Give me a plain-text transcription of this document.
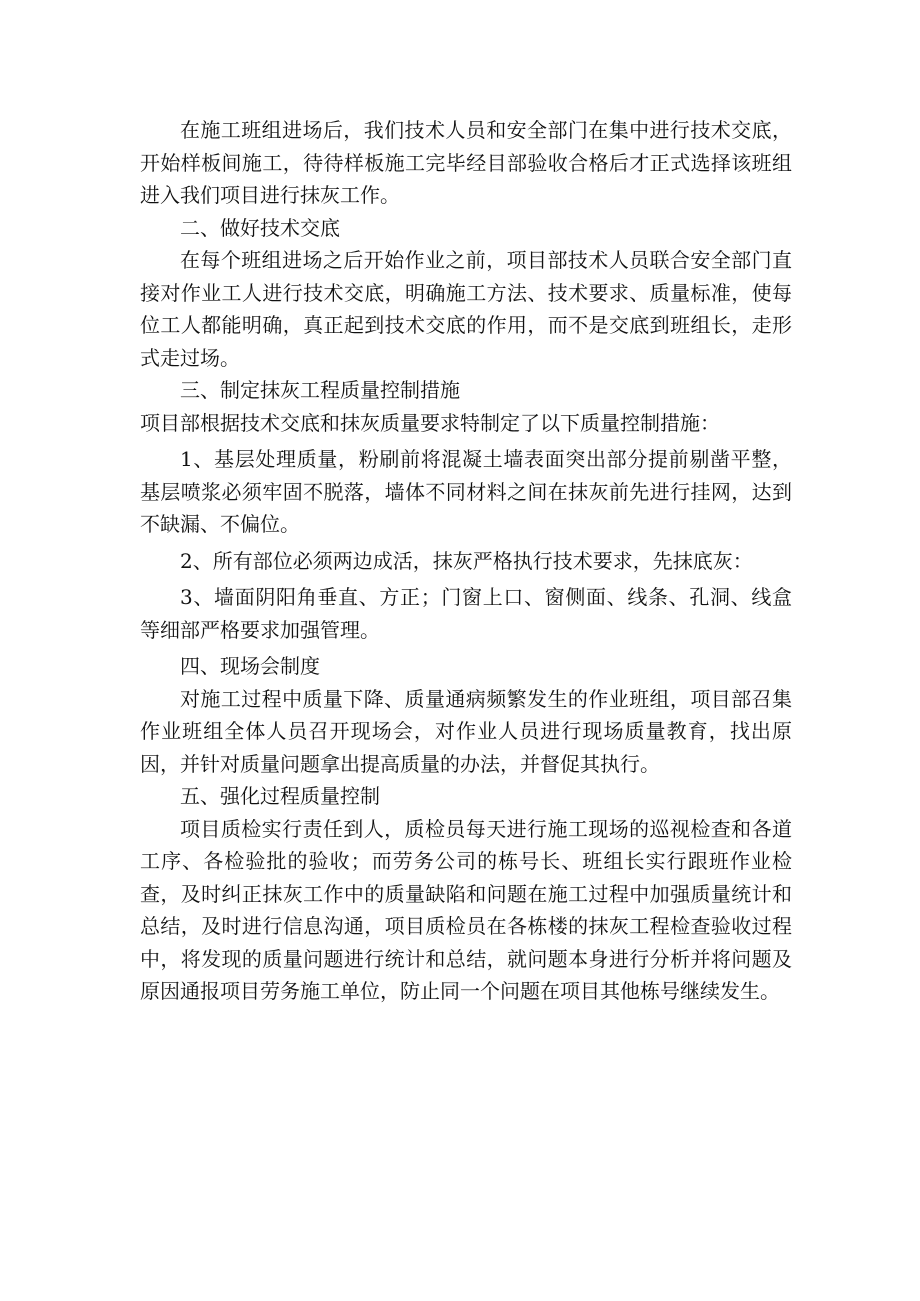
在施工班组进场后，我们技术人员和安全部门在集中进行技术交底，开始样板间施工，待待样板施工完毕经目部验收合格后才正式选择该班组进入我们项目进行抹灰工作。

二、做好技术交底

在每个班组进场之后开始作业之前，项目部技术人员联合安全部门直接对作业工人进行技术交底，明确施工方法、技术要求、质量标准，使每位工人都能明确，真正起到技术交底的作用，而不是交底到班组长，走形式走过场。

三、制定抹灰工程质量控制措施

项目部根据技术交底和抹灰质量要求特制定了以下质量控制措施：

1、基层处理质量，粉刷前将混凝土墙表面突出部分提前剔凿平整，基层喷浆必须牢固不脱落，墙体不同材料之间在抹灰前先进行挂网，达到不缺漏、不偏位。

2、所有部位必须两边成活，抹灰严格执行技术要求，先抹底灰：

3、墙面阴阳角垂直、方正；门窗上口、窗侧面、线条、孔洞、线盒等细部严格要求加强管理。

四、现场会制度

对施工过程中质量下降、质量通病频繁发生的作业班组，项目部召集作业班组全体人员召开现场会，对作业人员进行现场质量教育，找出原因，并针对质量问题拿出提高质量的办法，并督促其执行。

五、强化过程质量控制

项目质检实行责任到人，质检员每天进行施工现场的巡视检查和各道工序、各检验批的验收；而劳务公司的栋号长、班组长实行跟班作业检查，及时纠正抹灰工作中的质量缺陷和问题在施工过程中加强质量统计和总结，及时进行信息沟通，项目质检员在各栋楼的抹灰工程检查验收过程中，将发现的质量问题进行统计和总结，就问题本身进行分析并将问题及原因通报项目劳务施工单位，防止同一个问题在项目其他栋号继续发生。
